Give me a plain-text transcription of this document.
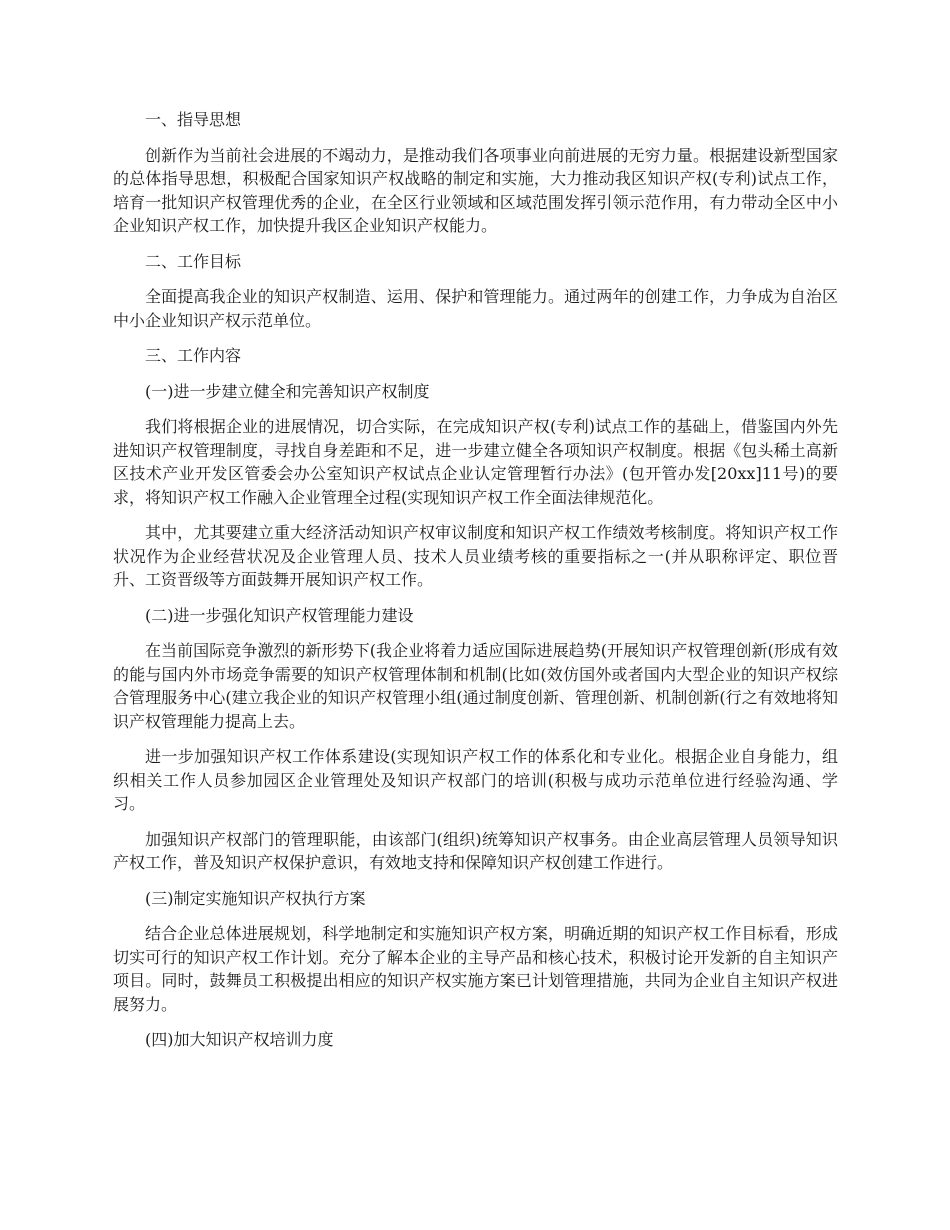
一、指导思想

创新作为当前社会进展的不竭动力，是推动我们各项事业向前进展的无穷力量。根据建设新型国家的总体指导思想，积极配合国家知识产权战略的制定和实施，大力推动我区知识产权(专利)试点工作，培育一批知识产权管理优秀的企业，在全区行业领域和区域范围发挥引领示范作用，有力带动全区中小企业知识产权工作，加快提升我区企业知识产权能力。

二、工作目标

全面提高我企业的知识产权制造、运用、保护和管理能力。通过两年的创建工作，力争成为自治区中小企业知识产权示范单位。

三、工作内容

(一)进一步建立健全和完善知识产权制度

我们将根据企业的进展情况，切合实际，在完成知识产权(专利)试点工作的基础上，借鉴国内外先进知识产权管理制度，寻找自身差距和不足，进一步建立健全各项知识产权制度。根据《包头稀土高新区技术产业开发区管委会办公室知识产权试点企业认定管理暂行办法》(包开管办发[20xx]11号)的要求，将知识产权工作融入企业管理全过程(实现知识产权工作全面法律规范化。

其中，尤其要建立重大经济活动知识产权审议制度和知识产权工作绩效考核制度。将知识产权工作状况作为企业经营状况及企业管理人员、技术人员业绩考核的重要指标之一(并从职称评定、职位晋升、工资晋级等方面鼓舞开展知识产权工作。

(二)进一步强化知识产权管理能力建设

在当前国际竞争激烈的新形势下(我企业将着力适应国际进展趋势(开展知识产权管理创新(形成有效的能与国内外市场竞争需要的知识产权管理体制和机制(比如(效仿国外或者国内大型企业的知识产权综合管理服务中心(建立我企业的知识产权管理小组(通过制度创新、管理创新、机制创新(行之有效地将知识产权管理能力提高上去。

进一步加强知识产权工作体系建设(实现知识产权工作的体系化和专业化。根据企业自身能力，组织相关工作人员参加园区企业管理处及知识产权部门的培训(积极与成功示范单位进行经验沟通、学习。

加强知识产权部门的管理职能，由该部门(组织)统筹知识产权事务。由企业高层管理人员领导知识产权工作，普及知识产权保护意识，有效地支持和保障知识产权创建工作进行。

(三)制定实施知识产权执行方案

结合企业总体进展规划，科学地制定和实施知识产权方案，明确近期的知识产权工作目标看，形成切实可行的知识产权工作计划。充分了解本企业的主导产品和核心技术，积极讨论开发新的自主知识产项目。同时，鼓舞员工积极提出相应的知识产权实施方案已计划管理措施，共同为企业自主知识产权进展努力。

(四)加大知识产权培训力度
